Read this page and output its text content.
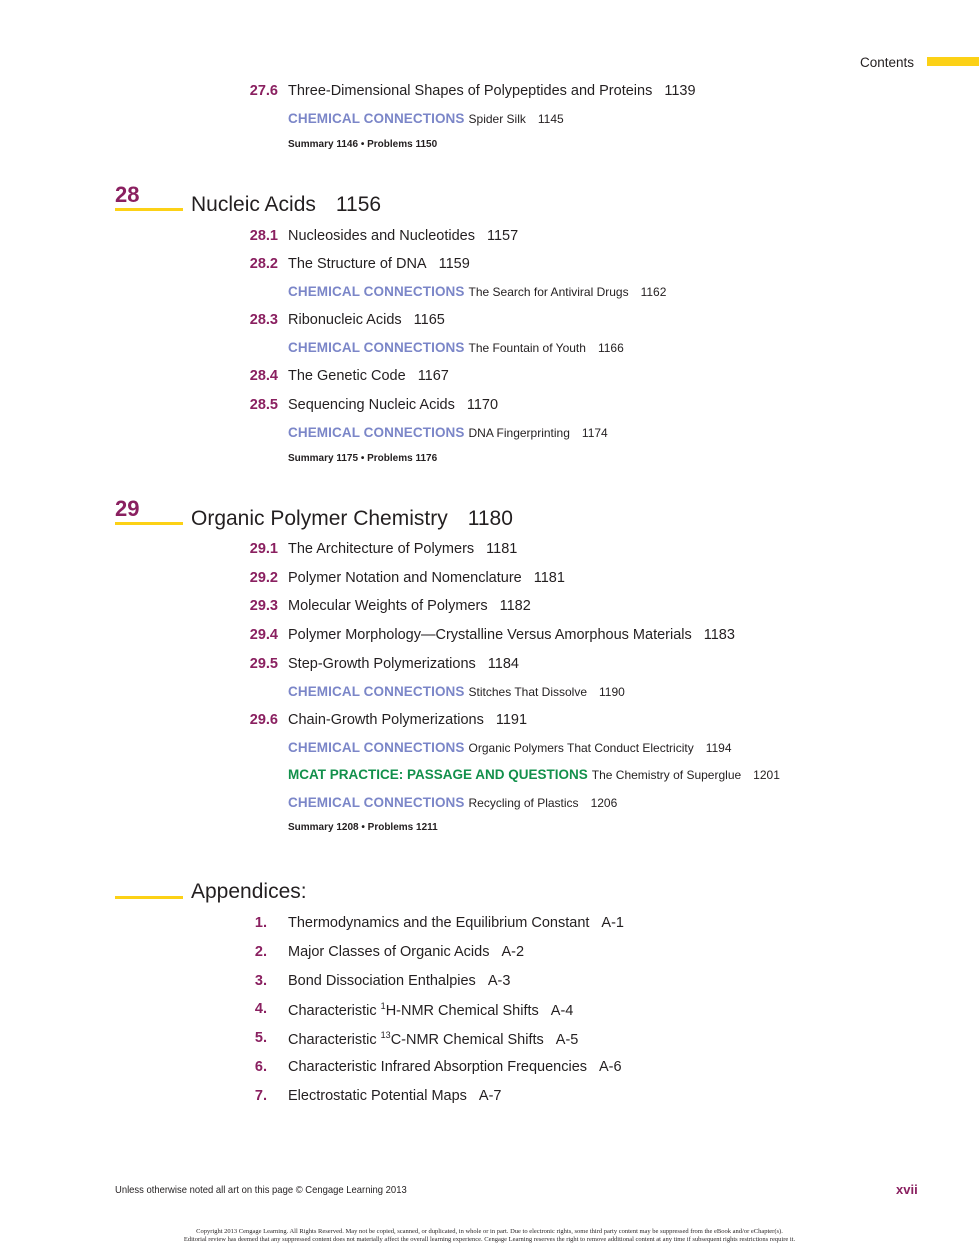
Contents
27.6 Three-Dimensional Shapes of Polypeptides and Proteins 1139
CHEMICAL CONNECTIONS Spider Silk 1145
Summary 1146 • Problems 1150
28 Nucleic Acids 1156
28.1 Nucleosides and Nucleotides 1157
28.2 The Structure of DNA 1159
CHEMICAL CONNECTIONS The Search for Antiviral Drugs 1162
28.3 Ribonucleic Acids 1165
CHEMICAL CONNECTIONS The Fountain of Youth 1166
28.4 The Genetic Code 1167
28.5 Sequencing Nucleic Acids 1170
CHEMICAL CONNECTIONS DNA Fingerprinting 1174
Summary 1175 • Problems 1176
29 Organic Polymer Chemistry 1180
29.1 The Architecture of Polymers 1181
29.2 Polymer Notation and Nomenclature 1181
29.3 Molecular Weights of Polymers 1182
29.4 Polymer Morphology—Crystalline Versus Amorphous Materials 1183
29.5 Step-Growth Polymerizations 1184
CHEMICAL CONNECTIONS Stitches That Dissolve 1190
29.6 Chain-Growth Polymerizations 1191
CHEMICAL CONNECTIONS Organic Polymers That Conduct Electricity 1194
MCAT PRACTICE: PASSAGE AND QUESTIONS The Chemistry of Superglue 1201
CHEMICAL CONNECTIONS Recycling of Plastics 1206
Summary 1208 • Problems 1211
Appendices:
1. Thermodynamics and the Equilibrium Constant A-1
2. Major Classes of Organic Acids A-2
3. Bond Dissociation Enthalpies A-3
4. Characteristic $^1$H-NMR Chemical Shifts A-4
5. Characteristic $^{13}$C-NMR Chemical Shifts A-5
6. Characteristic Infrared Absorption Frequencies A-6
7. Electrostatic Potential Maps A-7
Unless otherwise noted all art on this page © Cengage Learning 2013	xvii
Copyright 2013 Cengage Learning. All Rights Reserved. May not be copied, scanned, or duplicated, in whole or in part. Due to electronic rights, some third party content may be suppressed from the eBook and/or eChapter(s).
Editorial review has deemed that any suppressed content does not materially affect the overall learning experience. Cengage Learning reserves the right to remove additional content at any time if subsequent rights restrictions require it.
